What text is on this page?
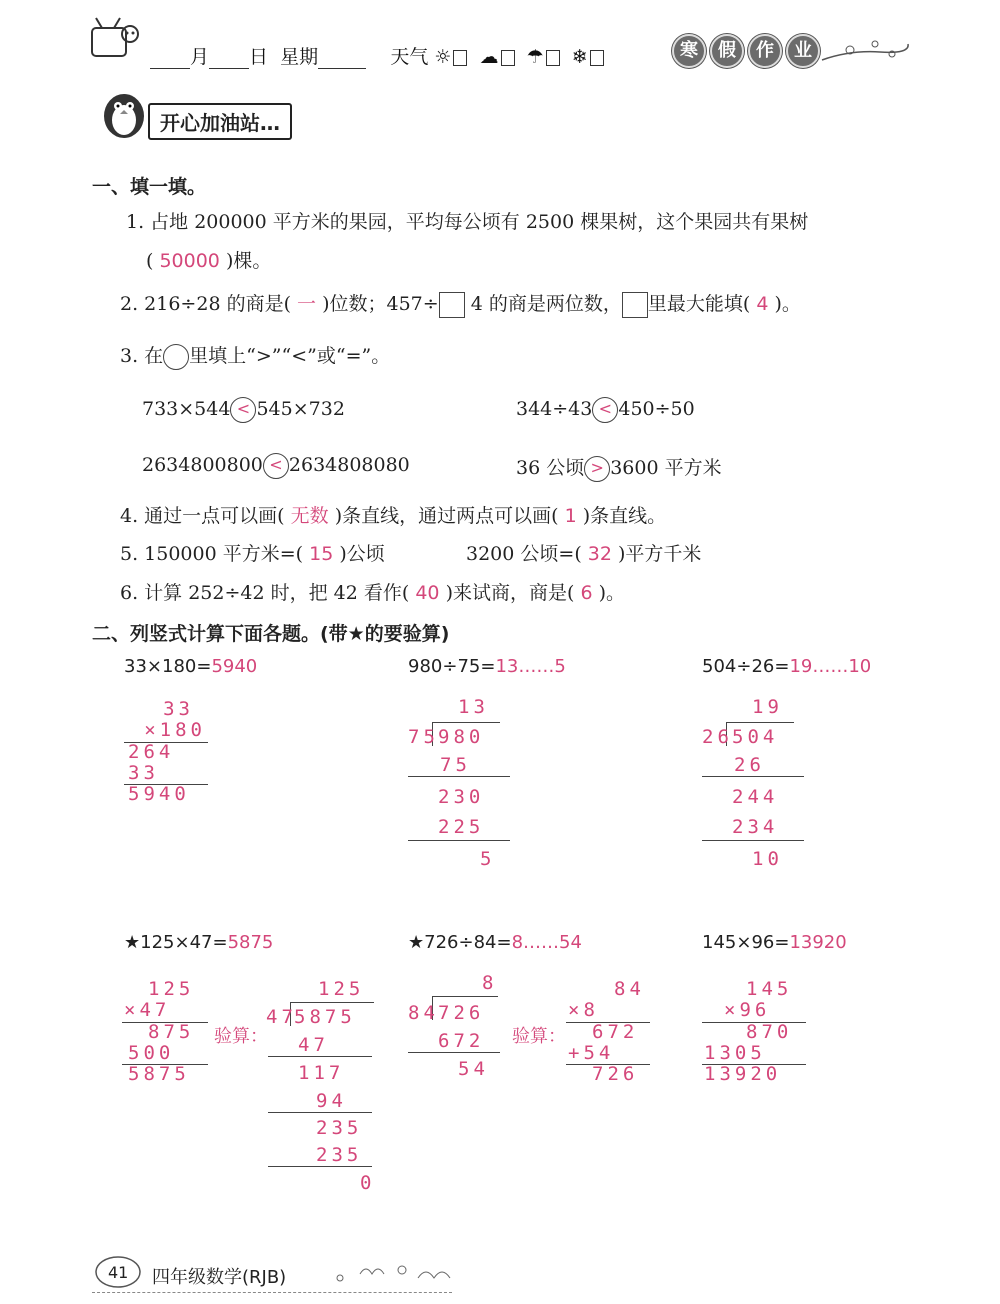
月 日 星期	天气 ☼ ☁ ☂ ❄	寒 假 作 业
开心加油站…
一、填一填。
1. 占地 200000 平方米的果园，平均每公顷有 2500 棵果树，这个果园共有果树
( 50000 )棵。
2. 216÷28 的商是( 一 )位数；457÷ 4 的商是两位数， 里最大能填( 4 )。
3. 在 里填上“>”“<”或“=”。
733×544 < 545×732	344÷43 < 450÷50
2634800800 < 2634808080	36 公顷 > 3600 平方米
4. 通过一点可以画( 无数 )条直线，通过两点可以画( 1 )条直线。
5. 150000 平方米=( 15 )公顷	3200 公顷=( 32 )平方千米
6. 计算 252÷42 时，把 42 看作( 40 )来试商，商是( 6 )。
二、列竖式计算下面各题。(带★的要验算)
33×180=5940	980÷75=13……5	504÷26=19……10
★125×47=5875	★726÷84=8……54	145×96=13920
33
×180
264
33
5940
13
75 980
75
230
225
5
19
26 504
26
244
234
10
125
×47
875
500
5875
验算：
125
47
5875
47
117
94
235
235
0
8
84 726
672
54
验算：
84
×8
672
+54
726
145
×96
870
1305
13920
41 四年级数学(RJB)
